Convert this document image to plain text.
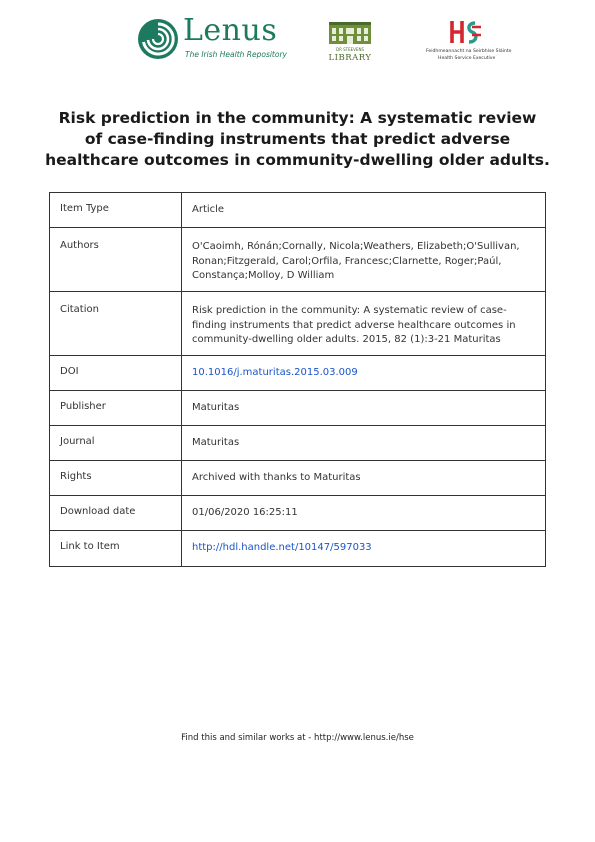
Lenus
The Irish Health Repository
DR STEEVENS
LIBRARY
Feidhmeannacht na Seirbhíse Sláinte
Health Service Executive
Risk prediction in the community: A systematic review
of case-finding instruments that predict adverse
healthcare outcomes in community-dwelling older adults.
Item Type	Article
Authors	O'Caoimh, Rónán;Cornally, Nicola;Weathers, Elizabeth;O'Sullivan,
Ronan;Fitzgerald, Carol;Orfila, Francesc;Clarnette, Roger;Paúl,
Constança;Molloy, D William

Citation	Risk prediction in the community: A systematic review of case-
finding instruments that predict adverse healthcare outcomes in
community-dwelling older adults. 2015, 82 (1):3-21 Maturitas

DOI	10.1016/j.maturitas.2015.03.009
Publisher	Maturitas
Journal	Maturitas
Rights	Archived with thanks to Maturitas
Download date	01/06/2020 16:25:11
Link to Item	http://hdl.handle.net/10147/597033
Find this and similar works at - http://www.lenus.ie/hse
